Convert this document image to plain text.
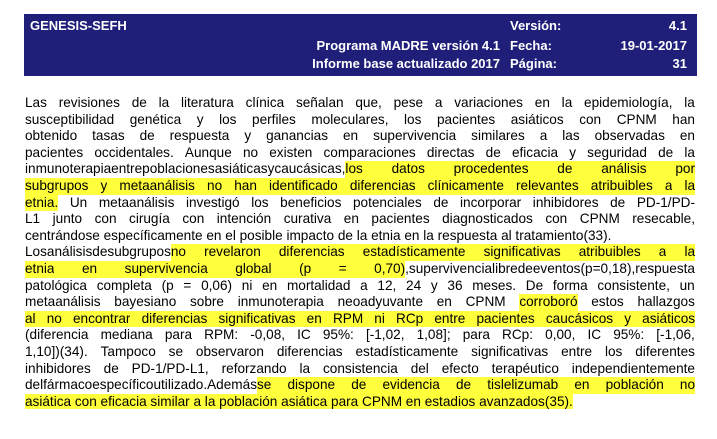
GENESIS-SEFH
Programa MADRE versión 4.1
Informe base actualizado 2017
Versión:
Fecha:
Página:
4.1
19-01-2017
31
Las revisiones de la literatura clínica señalan que, pese a variaciones en la epidemiología, la
susceptibilidad genética y los perfiles moleculares, los pacientes asiáticos con CPNM han
obtenido tasas de respuesta y ganancias en supervivencia similares a las observadas en
pacientes occidentales. Aunque no existen comparaciones directas de eficacia y seguridad de la
inmunoterapia entre poblaciones asiáticas y caucásicas, los datos procedentes de análisis por
subgrupos y metaanálisis no han identificado diferencias clínicamente relevantes atribuibles a la
etnia. Un metaanálisis investigó los beneficios potenciales de incorporar inhibidores de PD-1/PD-
L1 junto con cirugía con intención curativa en pacientes diagnosticados con CPNM resecable,
centrándose específicamente en el posible impacto de la etnia en la respuesta al tratamiento(33).
Los análisis de subgrupos no revelaron diferencias estadísticamente significativas atribuibles a la
etnia en supervivencia global (p = 0,70) , supervivencia libre de eventos (p = 0,18), respuesta
patológica completa (p = 0,06) ni en mortalidad a 12, 24 y 36 meses. De forma consistente, un
metaanálisis bayesiano sobre inmunoterapia neoadyuvante en CPNM corroboró estos hallazgos
al no encontrar diferencias significativas en RPM ni RCp entre pacientes caucásicos y asiáticos
(diferencia mediana para RPM: -0,08, IC 95%: [-1,02, 1,08]; para RCp: 0,00, IC 95%: [-1,06,
1,10])(34). Tampoco se observaron diferencias estadísticamente significativas entre los diferentes
inhibidores de PD-1/PD-L1, reforzando la consistencia del efecto terapéutico independientemente
del fármaco específico utilizado.Además se dispone de evidencia de tislelizumab en población no
asiática con eficacia similar a la población asiática para CPNM en estadios avanzados(35).
